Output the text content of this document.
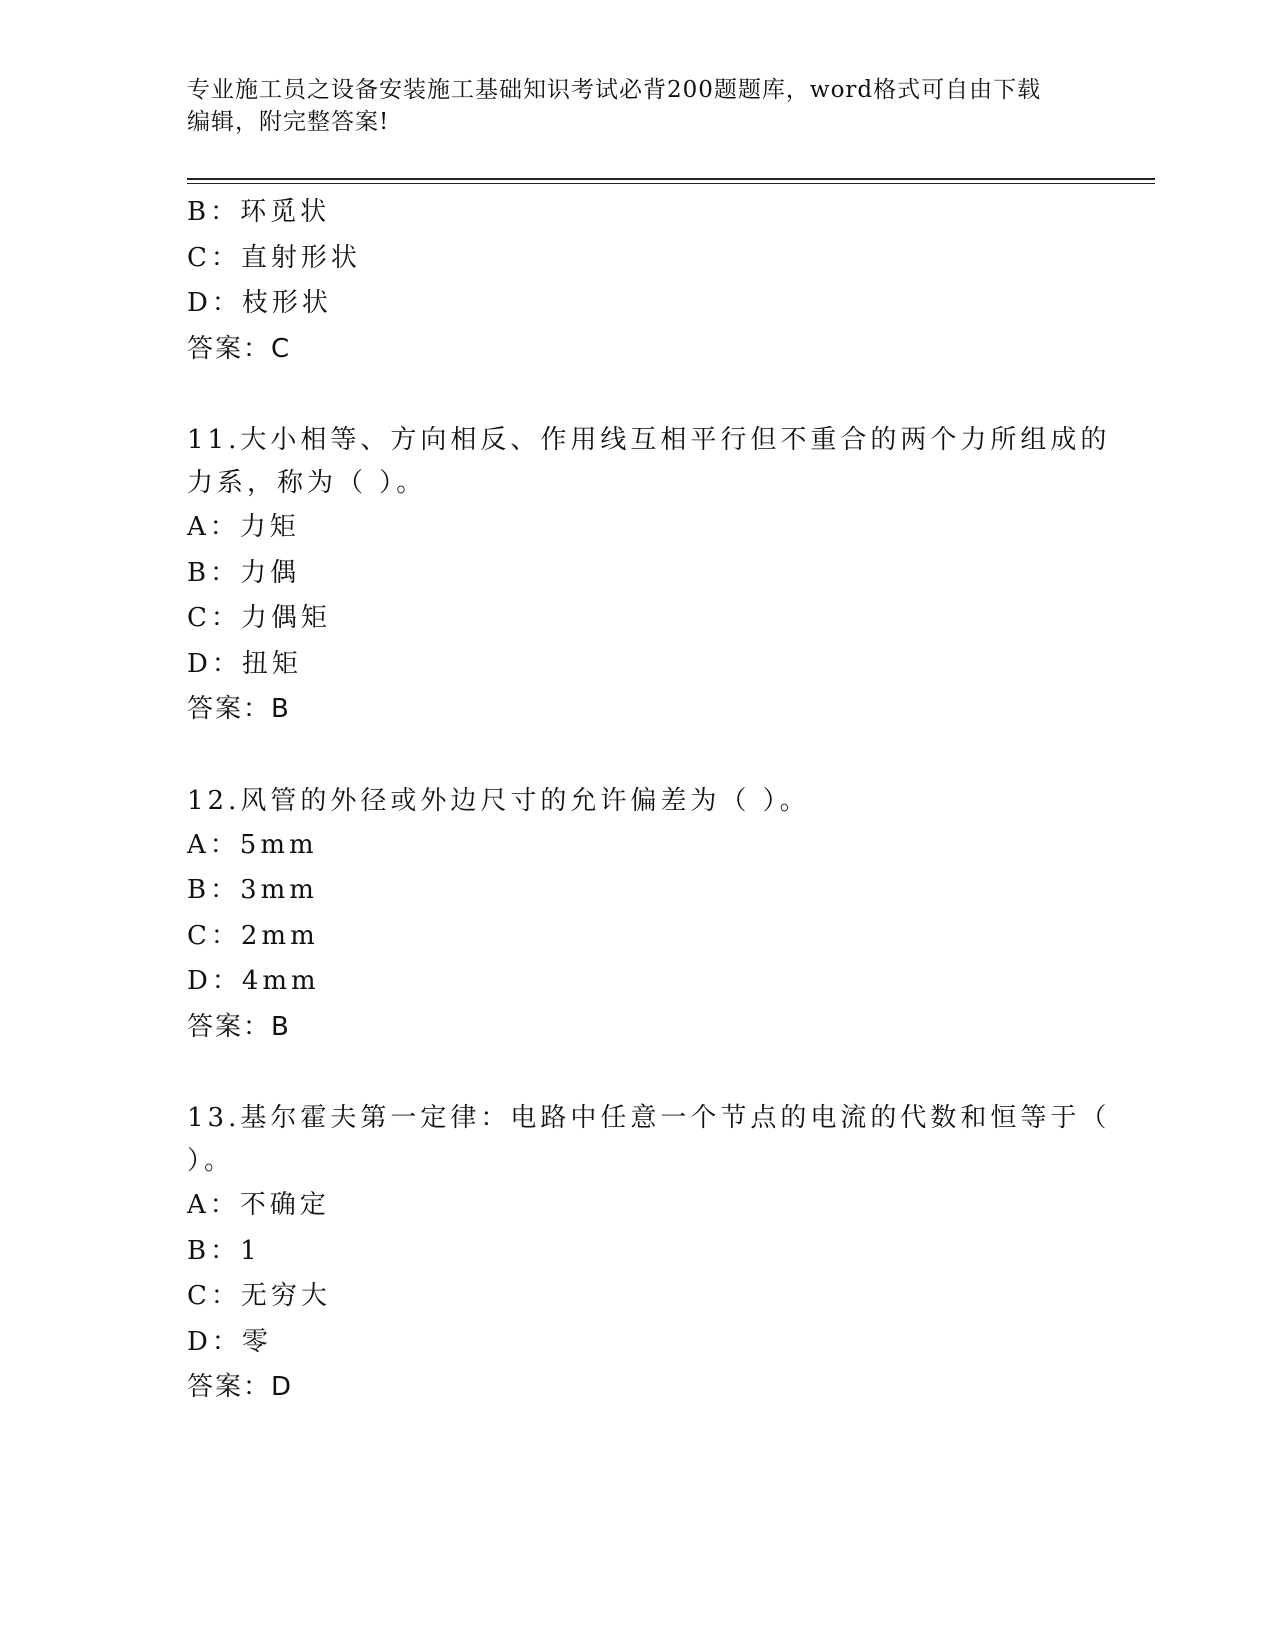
专业施工员之设备安装施工基础知识考试必背200题题库，word格式可自由下载
编辑，附完整答案!
B：环觅状
C：直射形状
D：枝形状
答案：C
11.大小相等、方向相反、作用线互相平行但不重合的两个力所组成的
力系，称为（ ）。
A：力矩
B：力偶
C：力偶矩
D：扭矩
答案：B
12.风管的外径或外边尺寸的允许偏差为（ ）。
A：5mm
B：3mm
C：2mm
D：4mm
答案：B
13.基尔霍夫第一定律：电路中任意一个节点的电流的代数和恒等于（
）。
A：不确定
B：1
C：无穷大
D：零
答案：D
